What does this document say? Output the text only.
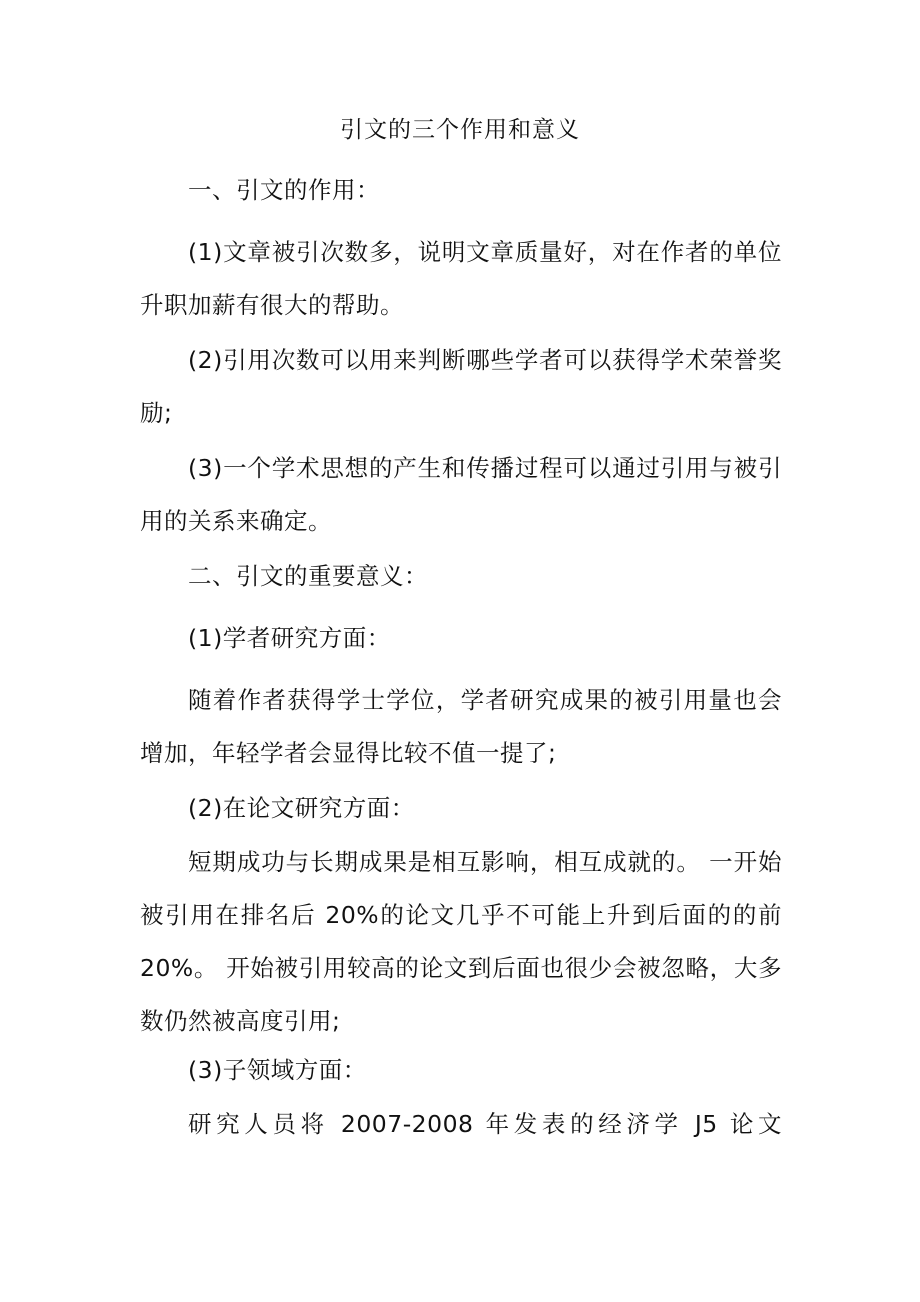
引文的三个作用和意义
一、引文的作用：
(1)文章被引次数多，说明文章质量好，对在作者的单位升职加薪有很大的帮助。
(2)引用次数可以用来判断哪些学者可以获得学术荣誉奖励;
(3)一个学术思想的产生和传播过程可以通过引用与被引用的关系来确定。
二、引文的重要意义：
(1)学者研究方面：
随着作者获得学士学位，学者研究成果的被引用量也会增加，年轻学者会显得比较不值一提了;
(2)在论文研究方面：
短期成功与长期成果是相互影响，相互成就的。 一开始被引用在排名后 20%的论文几乎不可能上升到后面的的前 20%。 开始被引用较高的论文到后面也很少会被忽略，大多数仍然被高度引用;
(3)子领域方面：
研究人员将 2007-2008 年发表的经济学 J5 论文
